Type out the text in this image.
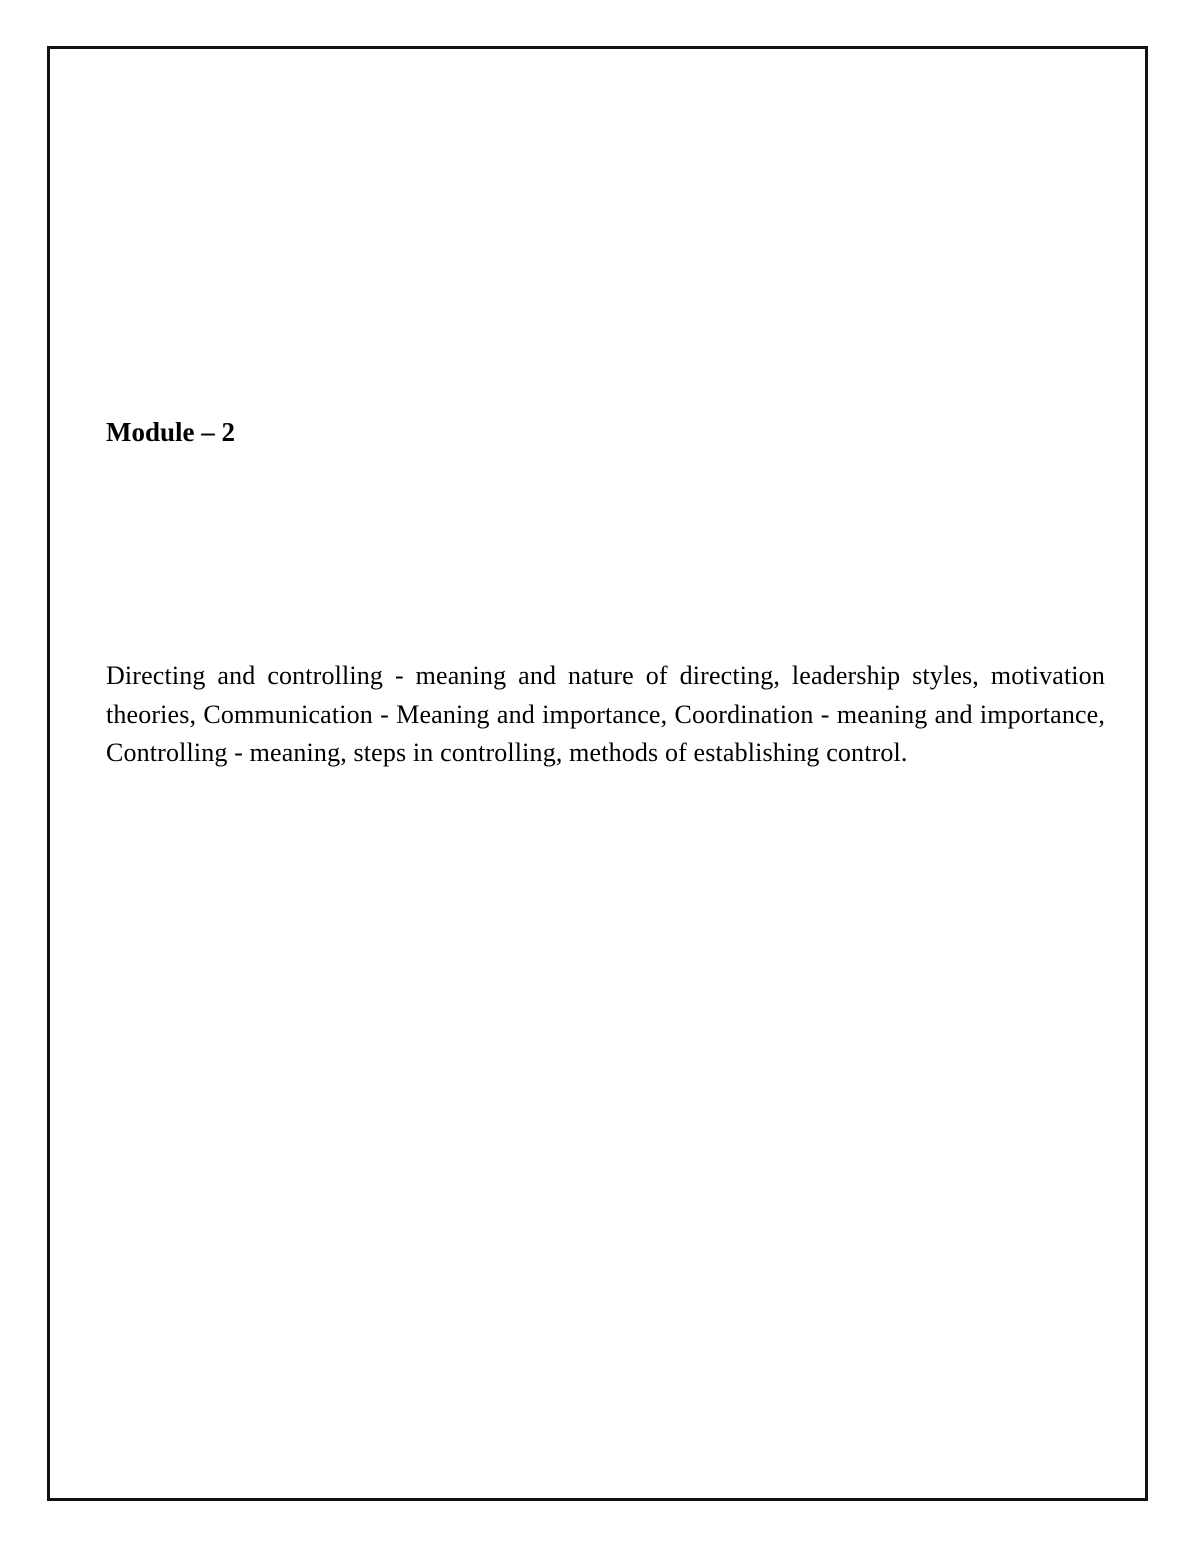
Module – 2

Directing and controlling - meaning and nature of directing, leadership styles, motivation theories, Communication - Meaning and importance, Coordination - meaning and importance, Controlling - meaning, steps in controlling, methods of establishing control.
